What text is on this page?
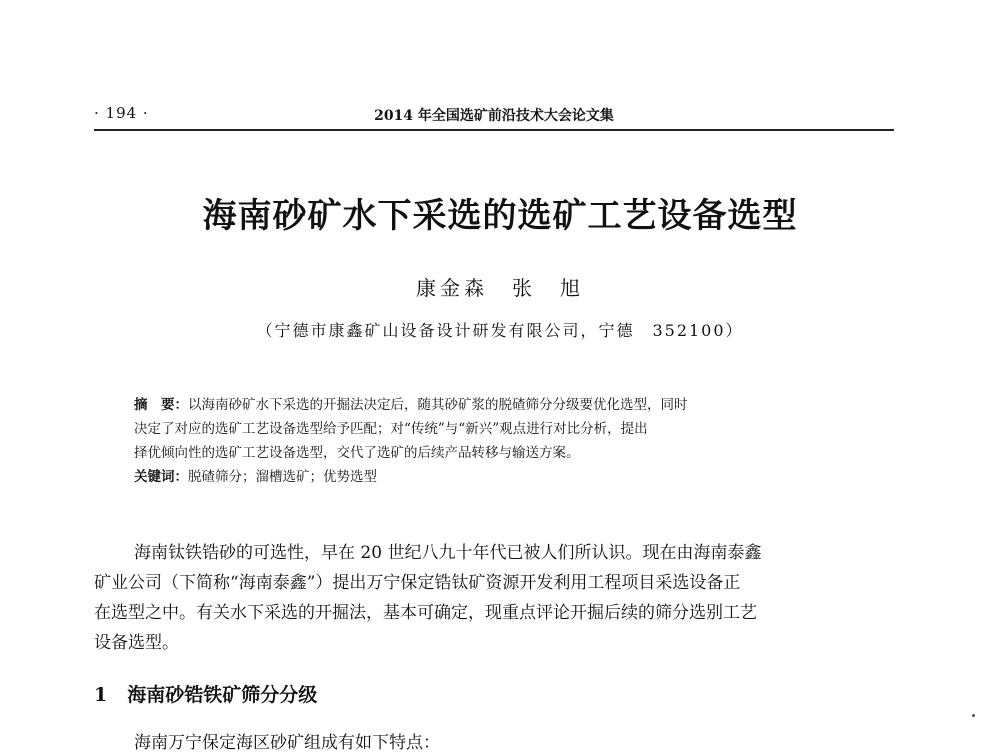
· 194 ·	2014 年全国选矿前沿技术大会论文集
海南砂矿水下采选的选矿工艺设备选型
康金森　张　旭
（宁德市康鑫矿山设备设计研发有限公司，宁德　352100）
摘　要：以海南砂矿水下采选的开掘法决定后，随其砂矿浆的脱碴筛分分级要优化选型，同时
决定了对应的选矿工艺设备选型给予匹配；对“传统”与“新兴”观点进行对比分析，提出
择优倾向性的选矿工艺设备选型，交代了选矿的后续产品转移与输送方案。
关键词：脱碴筛分；溜槽选矿；优势选型
海南钛铁锆砂的可选性，早在 20 世纪八九十年代已被人们所认识。现在由海南泰鑫
矿业公司（下简称“海南泰鑫”）提出万宁保定锆钛矿资源开发利用工程项目采选设备正
在选型之中。有关水下采选的开掘法，基本可确定，现重点评论开掘后续的筛分选别工艺
设备选型。
1 海南砂锆铁矿筛分分级
海南万宁保定海区砂矿组成有如下特点：
